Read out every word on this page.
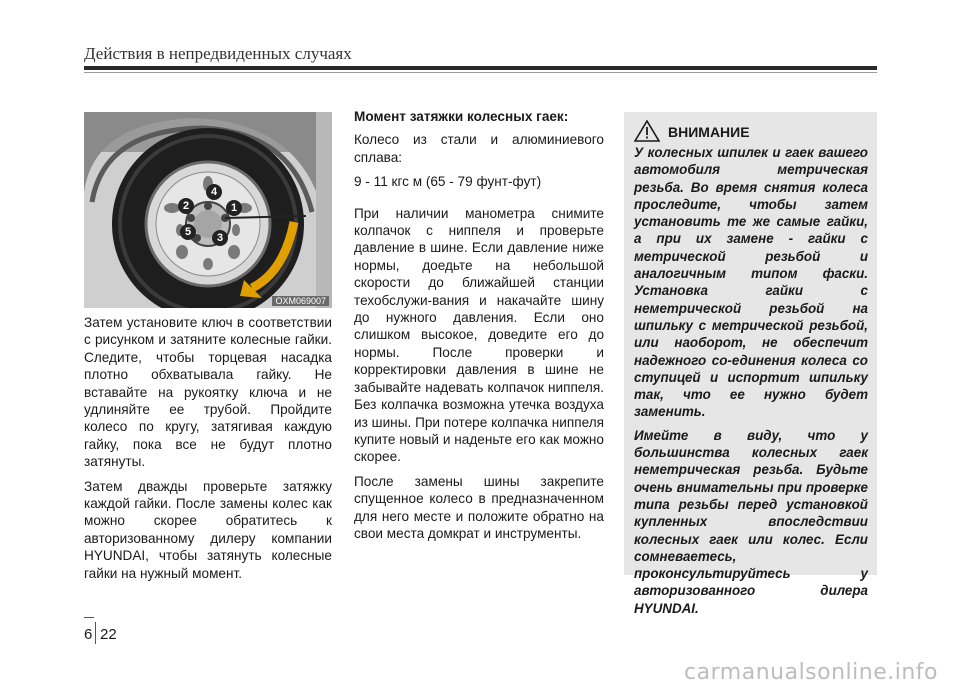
Действия в непредвиденных случаях
4
2	1
5	3
OXM069007

Затем установите ключ в соответствии с рисунком и затяните колесные гайки. Следите, чтобы торцевая насадка плотно обхватывала гайку. Не вставайте на рукоятку ключа и не удлиняйте ее трубой. Пройдите колесо по кругу, затягивая каждую гайку, пока все не будут плотно затянуты.

Затем дважды проверьте затяжку каждой гайки. После замены колес как можно скорее обратитесь к авторизованному дилеру компании HYUNDAI, чтобы затянуть колесные гайки на нужный момент.

Момент затяжки колесных гаек:

Колесо из стали и алюминиевого сплава:

9 - 11 кгс м (65 - 79 фунт-фут)

При наличии манометра снимите колпачок с ниппеля и проверьте давление в шине. Если давление ниже нормы, доедьте на небольшой скорости до ближайшей станции техобслужи-вания и накачайте шину до нужного давления. Если оно слишком высокое, доведите его до нормы. После проверки и корректировки давления в шине не забывайте надевать колпачок ниппеля. Без колпачка возможна утечка воздуха из шины. При потере колпачка ниппеля купите новый и наденьте его как можно скорее.

После замены шины закрепите спущенное колесо в предназначенном для него месте и положите обратно на свои места домкрат и инструменты.

ВНИМАНИЕ

У колесных шпилек и гаек вашего автомобиля метрическая резьба. Во время снятия колеса проследите, чтобы затем установить те же самые гайки, а при их замене - гайки с метрической резьбой и аналогичным типом фаски. Установка гайки с неметрической резьбой на шпильку с метрической резьбой, или наоборот, не обеспечит надежного со-единения колеса со ступицей и испортит шпильку так, что ее нужно будет заменить.

Имейте в виду, что у большинства колесных гаек неметрическая резьба. Будьте очень внимательны при проверке типа резьбы перед установкой купленных впоследствии колесных гаек или колес. Если сомневаетесь, проконсультируйтесь у авторизованного дилера HYUNDAI.

6 22
carmanualsonline.info
